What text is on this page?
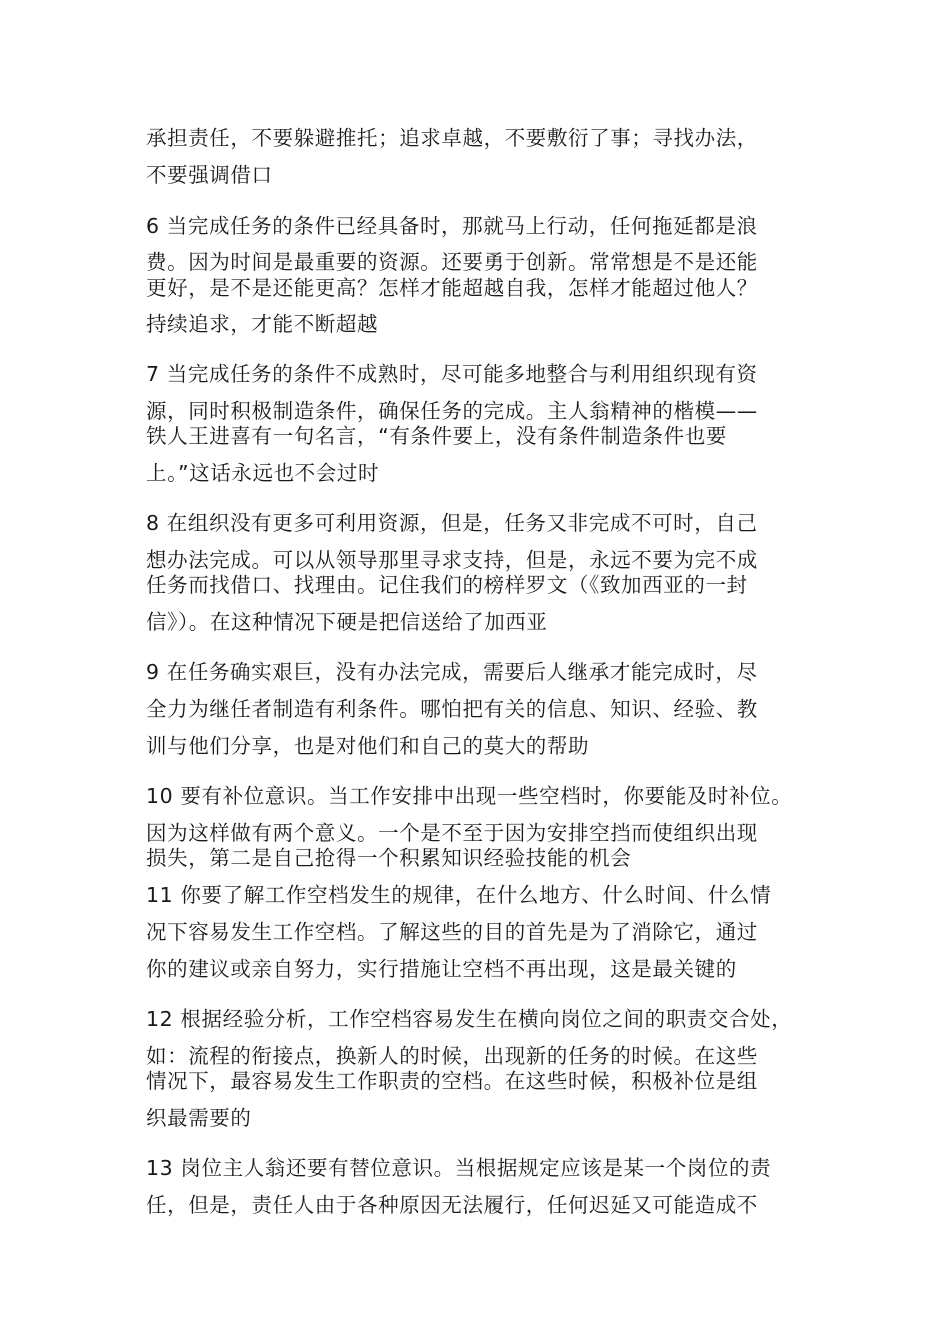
承担责任，不要躲避推托；追求卓越，不要敷衍了事；寻找办法，
不要强调借口
6 当完成任务的条件已经具备时，那就马上行动，任何拖延都是浪
费。因为时间是最重要的资源。还要勇于创新。常常想是不是还能
更好，是不是还能更高？怎样才能超越自我，怎样才能超过他人？
持续追求，才能不断超越
7 当完成任务的条件不成熟时，尽可能多地整合与利用组织现有资
源，同时积极制造条件，确保任务的完成。主人翁精神的楷模——
铁人王进喜有一句名言，“有条件要上，没有条件制造条件也要
上。”这话永远也不会过时
8 在组织没有更多可利用资源，但是，任务又非完成不可时，自己
想办法完成。可以从领导那里寻求支持，但是，永远不要为完不成
任务而找借口、找理由。记住我们的榜样罗文（《致加西亚的一封
信》）。在这种情况下硬是把信送给了加西亚
9 在任务确实艰巨，没有办法完成，需要后人继承才能完成时，尽
全力为继任者制造有利条件。哪怕把有关的信息、知识、经验、教
训与他们分享，也是对他们和自己的莫大的帮助
10 要有补位意识。当工作安排中出现一些空档时，你要能及时补位。
因为这样做有两个意义。一个是不至于因为安排空挡而使组织出现
损失，第二是自己抢得一个积累知识经验技能的机会
11 你要了解工作空档发生的规律，在什么地方、什么时间、什么情
况下容易发生工作空档。了解这些的目的首先是为了消除它，通过
你的建议或亲自努力，实行措施让空档不再出现，这是最关键的
12 根据经验分析，工作空档容易发生在横向岗位之间的职责交合处，
如：流程的衔接点，换新人的时候，出现新的任务的时候。在这些
情况下，最容易发生工作职责的空档。在这些时候，积极补位是组
织最需要的
13 岗位主人翁还要有替位意识。当根据规定应该是某一个岗位的责
任，但是，责任人由于各种原因无法履行，任何迟延又可能造成不
